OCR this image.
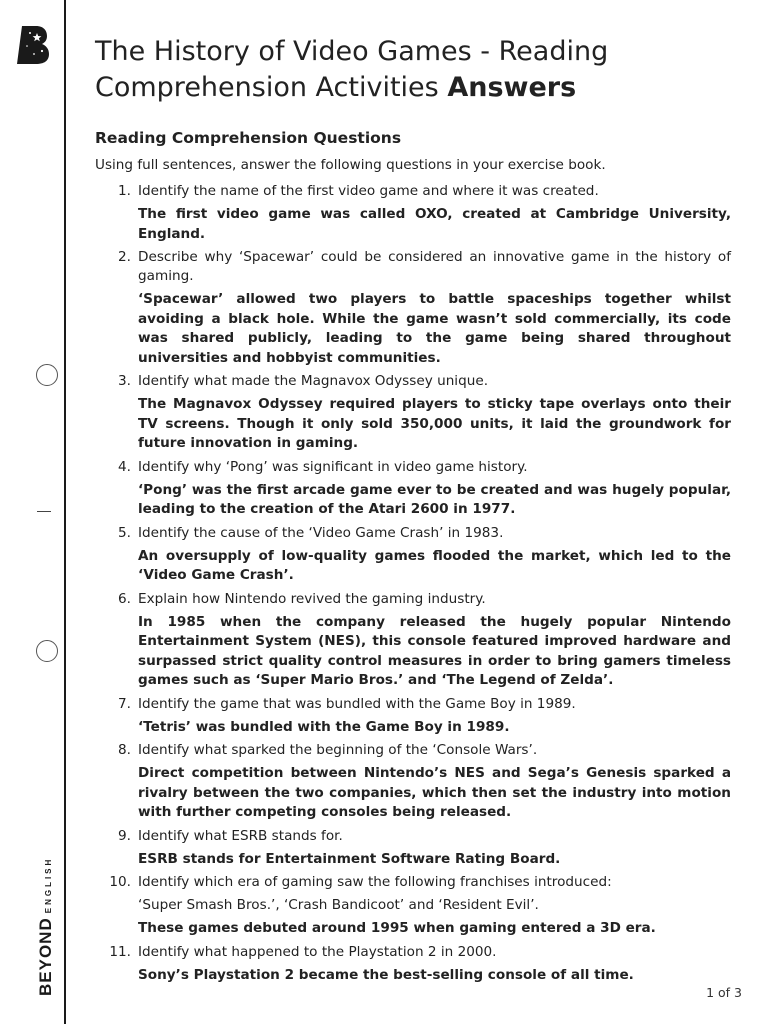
BEYONDENGLISH
The History of Video Games - Reading Comprehension Activities Answers
Reading Comprehension Questions

Using full sentences, answer the following questions in your exercise book.

1. Identify the name of the first video game and where it was created.

The first video game was called OXO, created at Cambridge University, England.

2. Describe why ‘Spacewar’ could be considered an innovative game in the history of gaming.

‘Spacewar’ allowed two players to battle spaceships together whilst avoiding a black hole. While the game wasn’t sold commercially, its code was shared publicly, leading to the game being shared throughout universities and hobbyist communities.

3. Identify what made the Magnavox Odyssey unique.

The Magnavox Odyssey required players to sticky tape overlays onto their TV screens. Though it only sold 350,000 units, it laid the groundwork for future innovation in gaming.

4. Identify why ‘Pong’ was significant in video game history.

‘Pong’ was the first arcade game ever to be created and was hugely popular, leading to the creation of the Atari 2600 in 1977.

5. Identify the cause of the ‘Video Game Crash’ in 1983.

An oversupply of low-quality games flooded the market, which led to the ‘Video Game Crash’.

6. Explain how Nintendo revived the gaming industry.

In 1985 when the company released the hugely popular Nintendo Entertainment System (NES), this console featured improved hardware and surpassed strict quality control measures in order to bring gamers timeless games such as ‘Super Mario Bros.’ and ‘The Legend of Zelda’.

7. Identify the game that was bundled with the Game Boy in 1989.

‘Tetris’ was bundled with the Game Boy in 1989.

8. Identify what sparked the beginning of the ‘Console Wars’.

Direct competition between Nintendo’s NES and Sega’s Genesis sparked a rivalry between the two companies, which then set the industry into motion with further competing consoles being released.

9. Identify what ESRB stands for.

ESRB stands for Entertainment Software Rating Board.

10. Identify which era of gaming saw the following franchises introduced:

‘Super Smash Bros.’, ‘Crash Bandicoot’ and ‘Resident Evil’.

These games debuted around 1995 when gaming entered a 3D era.

11. Identify what happened to the Playstation 2 in 2000.

Sony’s Playstation 2 became the best-selling console of all time.

1 of 3
